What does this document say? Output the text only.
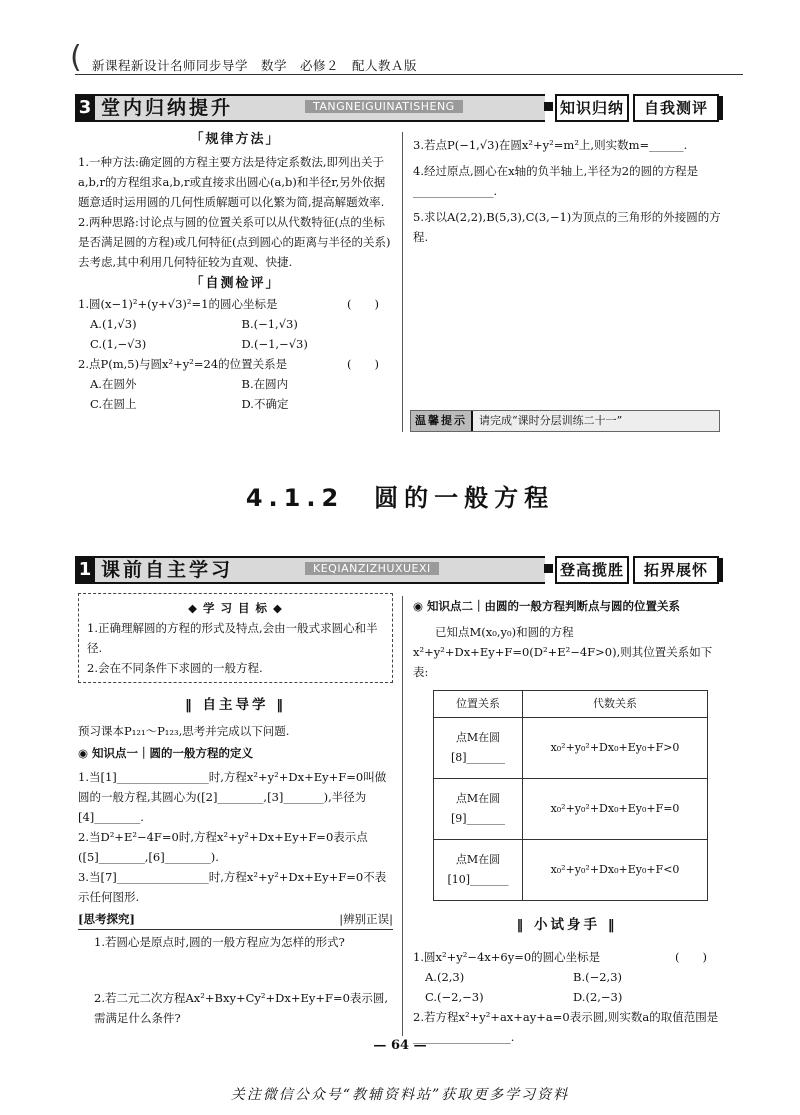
( 新课程新设计名师同步导学　数学　必修２　配人教Ａ版
3 堂内归纳提升	TANGNEIGUINATISHENG	知识归纳	自我测评
「规律方法」

1.一种方法:确定圆的方程主要方法是待定系数法,即列出关于a,b,r的方程组求a,b,r或直接求出圆心(a,b)和半径r,另外依据题意适时运用圆的几何性质解题可以化繁为简,提高解题效率.

2.两种思路:讨论点与圆的位置关系可以从代数特征(点的坐标是否满足圆的方程)或几何特征(点到圆心的距离与半径的关系)去考虑,其中利用几何特征较为直观、快捷.

「自测检评」
1.圆(x−1)²+(y+√3)²=1的圆心坐标是	(　　)
A.(1,√3)	B.(−1,√3)
C.(1,−√3)	D.(−1,−√3)
2.点P(m,5)与圆x²+y²=24的位置关系是	(　　)
A.在圆外	B.在圆内
C.在圆上	D.不确定

3.若点P(−1,√3)在圆x²+y²=m²上,则实数m=______.

4.经过原点,圆心在x轴的负半轴上,半径为2的圆的方程是______________.

5.求以A(2,2),B(5,3),C(3,−1)为顶点的三角形的外接圆的方程.

温馨提示 请完成“课时分层训练二十一”
4.1.2　圆的一般方程
1 课前自主学习	KEQIANZIZHUXUEXI	登高揽胜	拓界展怀
◆ 学 习 目 标 ◆

1.正确理解圆的方程的形式及特点,会由一般式求圆心和半径.

2.会在不同条件下求圆的一般方程.

‖ 自主导学 ‖

预习课本P₁₂₁～P₁₂₃,思考并完成以下问题.

◉ 知识点一｜圆的一般方程的定义

1.当[1]________________时,方程x²+y²+Dx+Ey+F=0叫做圆的一般方程,其圆心为([2]________,[3]_______),半径为[4]________.

2.当D²+E²−4F=0时,方程x²+y²+Dx+Ey+F=0表示点([5]________,[6]________).

3.当[7]________________时,方程x²+y²+Dx+Ey+F=0不表示任何图形.

[思考探究]	|辨别正误|

1.若圆心是原点时,圆的一般方程应为怎样的形式?

2.若二元二次方程Ax²+Bxy+Cy²+Dx+Ey+F=0表示圆,需满足什么条件?

◉ 知识点二｜由圆的一般方程判断点与圆的位置关系

已知点M(x₀,y₀)和圆的方程x²+y²+Dx+Ey+F=0(D²+E²−4F>0),则其位置关系如下表:

位置关系	代数关系

点M在圆
[8]_______	x₀²+y₀²+Dx₀+Ey₀+F>0

点M在圆
[9]_______	x₀²+y₀²+Dx₀+Ey₀+F=0

点M在圆
[10]_______	x₀²+y₀²+Dx₀+Ey₀+F<0
‖ 小试身手 ‖
1.圆x²+y²−4x+6y=0的圆心坐标是	(　　)
A.(2,3)	B.(−2,3)
C.(−2,−3)	D.(2,−3)

2.若方程x²+y²+ax+ay+a=0表示圆,则实数a的取值范围是_________________.

— 64 —
关注微信公众号“教辅资料站”获取更多学习资料
